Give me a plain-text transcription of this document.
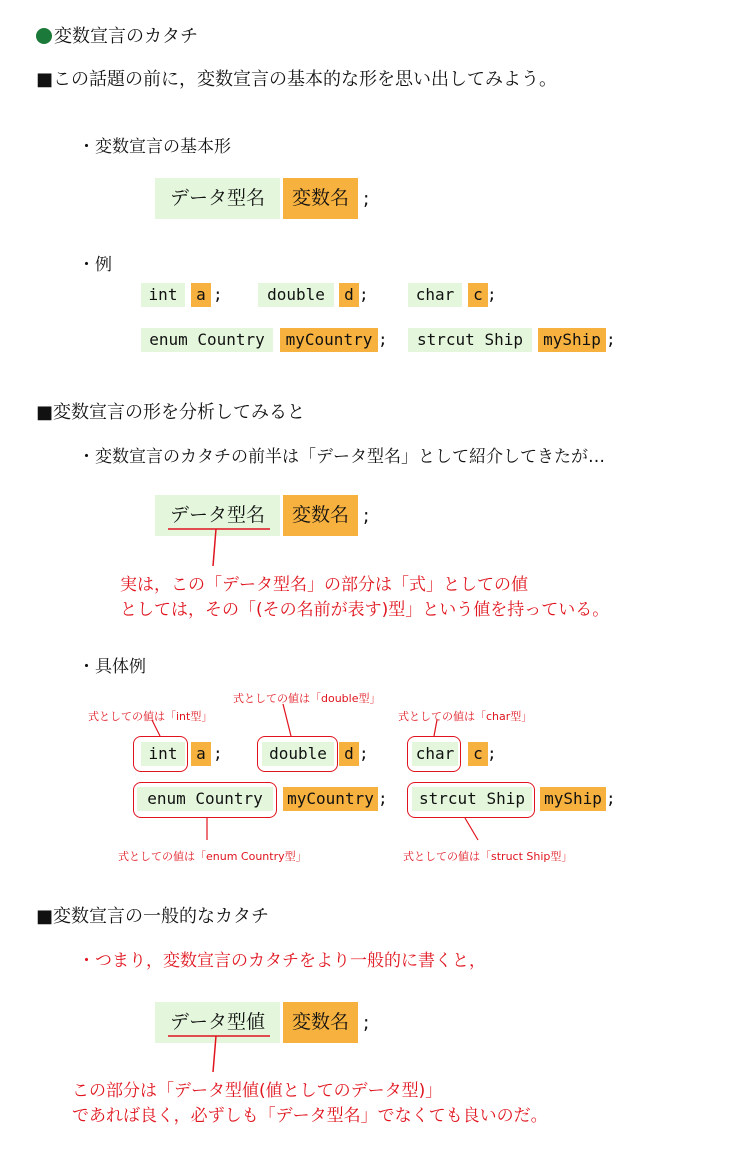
変数宣言のカタチ
■この話題の前に，変数宣言の基本的な形を思い出してみよう。
・変数宣言の基本形
データ型名	変数名 ;
・例
int	a ;	double	d ;	char	c ;
enum Country	myCountry ;	strcut Ship	myShip ;
■変数宣言の形を分析してみると
・変数宣言のカタチの前半は「データ型名」として紹介してきたが…
データ型名	変数名 ;
実は，この「データ型名」の部分は「式」としての値
としては，その「(その名前が表す)型」という値を持っている。
・具体例
式としての値は「double型」
式としての値は「int型」	式としての値は「char型」
式としての値は「enum Country型」	式としての値は「struct Ship型」
int	a ;	double	d ;	char	c ;
enum Country	myCountry ;	strcut Ship	myShip ;
■変数宣言の一般的なカタチ
・つまり，変数宣言のカタチをより一般的に書くと，
データ型値	変数名 ;
この部分は「データ型値(値としてのデータ型)」
であれば良く，必ずしも「データ型名」でなくても良いのだ。
